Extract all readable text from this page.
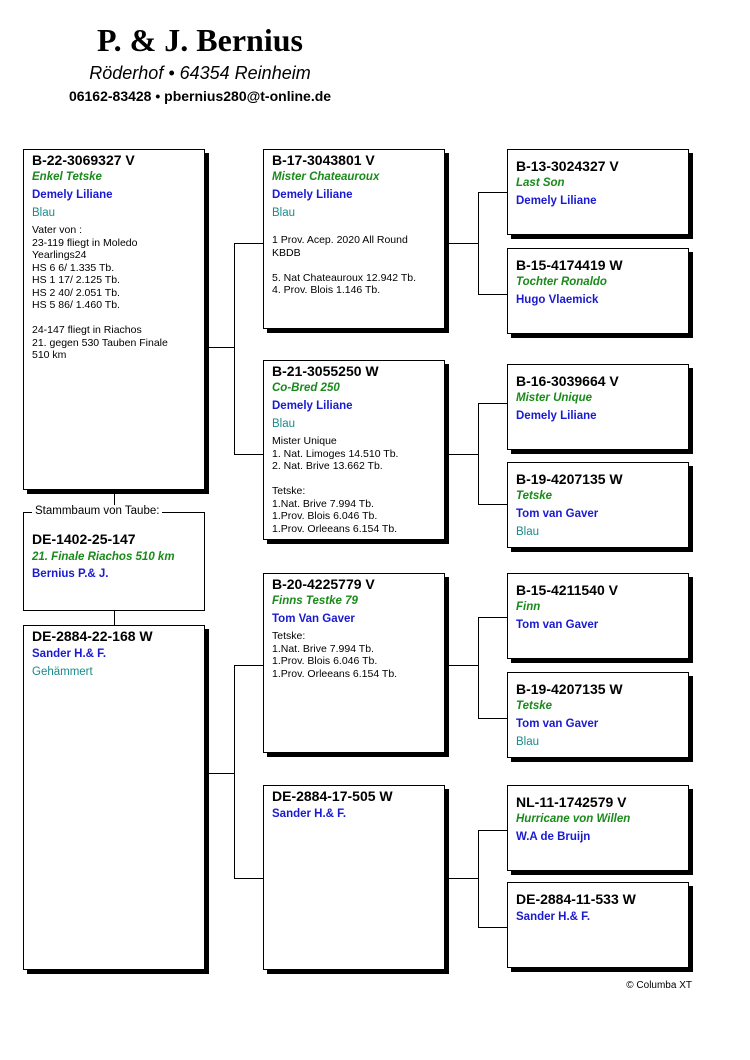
P. & J. Bernius
Röderhof • 64354 Reinheim
06162-83428 • pbernius280@t-online.de
B-22-3069327 V
Enkel Tetske
Demely Liliane
Blau
Vater von :
23-119 fliegt in Moledo
Yearlings24
HS 6 6/ 1.335 Tb.
HS 1 17/ 2.125 Tb.
HS 2 40/ 2.051 Tb.
HS 5 86/ 1.460 Tb.

24-147 fliegt in Riachos
21. gegen 530 Tauben Finale
510 km
DE-1402-25-147
21. Finale Riachos 510 km
Bernius P.& J.
Stammbaum von Taube:
DE-2884-22-168 W
Sander H.& F.
Gehämmert
B-17-3043801 V
Mister Chateauroux
Demely Liliane
Blau
1 Prov. Acep. 2020 All Round
KBDB

5. Nat Chateauroux 12.942 Tb.
4. Prov. Blois 1.146 Tb.
B-21-3055250 W
Co-Bred 250
Demely Liliane
Blau
Mister Unique
1. Nat. Limoges 14.510 Tb.
2. Nat. Brive 13.662 Tb.

Tetske:
1.Nat. Brive 7.994 Tb.
1.Prov. Blois 6.046 Tb.
1.Prov. Orleeans 6.154 Tb.
B-20-4225779 V
Finns Testke 79
Tom Van Gaver
Tetske:
1.Nat. Brive 7.994 Tb.
1.Prov. Blois 6.046 Tb.
1.Prov. Orleeans 6.154 Tb.
DE-2884-17-505 W
Sander H.& F.
B-13-3024327 V
Last Son
Demely Liliane
B-15-4174419 W
Tochter Ronaldo
Hugo Vlaemick
B-16-3039664 V
Mister Unique
Demely Liliane
B-19-4207135 W
Tetske
Tom van Gaver
Blau
B-15-4211540 V
Finn
Tom van Gaver
B-19-4207135 W
Tetske
Tom van Gaver
Blau
NL-11-1742579 V
Hurricane von Willen
W.A de Bruijn
DE-2884-11-533 W
Sander H.& F.
© Columba XT
